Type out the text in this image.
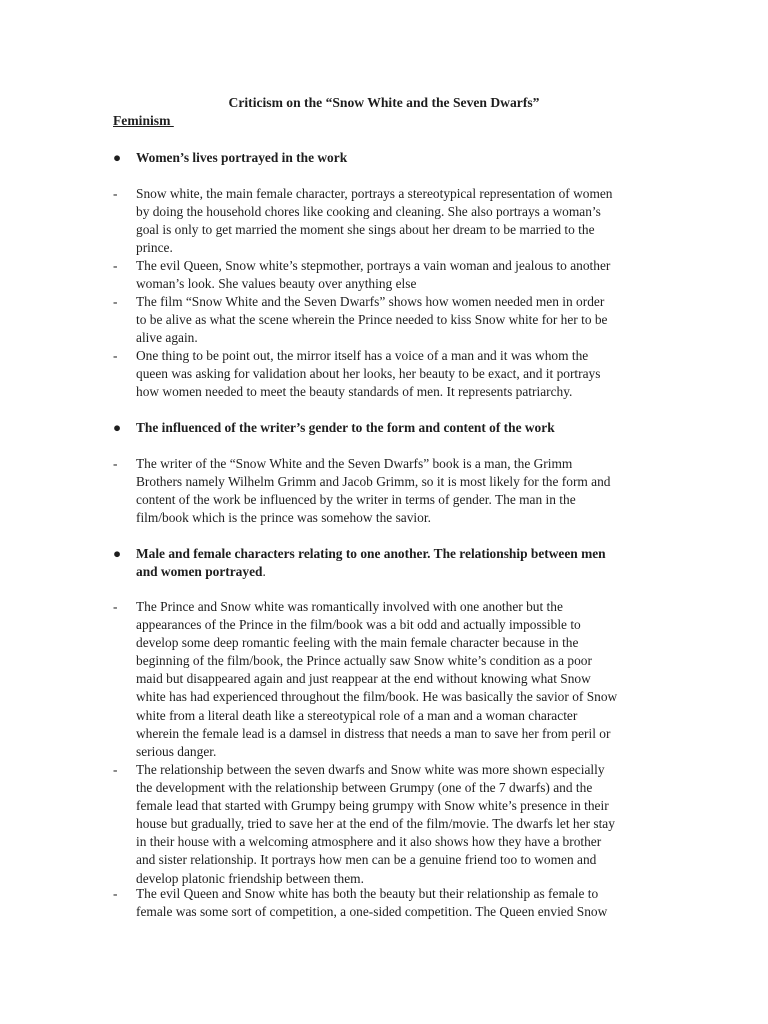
Criticism on the “Snow White and the Seven Dwarfs”
Feminism
●	Women’s lives portrayed in the work
- Snow white, the main female character, portrays a stereotypical representation of women
by doing the household chores like cooking and cleaning. She also portrays a woman’s
goal is only to get married the moment she sings about her dream to be married to the
prince.
- The evil Queen, Snow white’s stepmother, portrays a vain woman and jealous to another
woman’s look. She values beauty over anything else
- The film “Snow White and the Seven Dwarfs” shows how women needed men in order
to be alive as what the scene wherein the Prince needed to kiss Snow white for her to be
alive again.
- One thing to be point out, the mirror itself has a voice of a man and it was whom the
queen was asking for validation about her looks, her beauty to be exact, and it portrays
how women needed to meet the beauty standards of men. It represents patriarchy.
●	The influenced of the writer’s gender to the form and content of the work
- The writer of the “Snow White and the Seven Dwarfs” book is a man, the Grimm
Brothers namely Wilhelm Grimm and Jacob Grimm, so it is most likely for the form and
content of the work be influenced by the writer in terms of gender. The man in the
film/book which is the prince was somehow the savior.
● Male and female characters relating to one another. The relationship between men
and women portrayed.
- The Prince and Snow white was romantically involved with one another but the
appearances of the Prince in the film/book was a bit odd and actually impossible to
develop some deep romantic feeling with the main female character because in the
beginning of the film/book, the Prince actually saw Snow white’s condition as a poor
maid but disappeared again and just reappear at the end without knowing what Snow
white has had experienced throughout the film/book. He was basically the savior of Snow
white from a literal death like a stereotypical role of a man and a woman character
wherein the female lead is a damsel in distress that needs a man to save her from peril or
serious danger.
- The relationship between the seven dwarfs and Snow white was more shown especially
the development with the relationship between Grumpy (one of the 7 dwarfs) and the
female lead that started with Grumpy being grumpy with Snow white’s presence in their
house but gradually, tried to save her at the end of the film/movie. The dwarfs let her stay
in their house with a welcoming atmosphere and it also shows how they have a brother
and sister relationship. It portrays how men can be a genuine friend too to women and
develop platonic friendship between them.
- The evil Queen and Snow white has both the beauty but their relationship as female to
female was some sort of competition, a one-sided competition. The Queen envied Snow
